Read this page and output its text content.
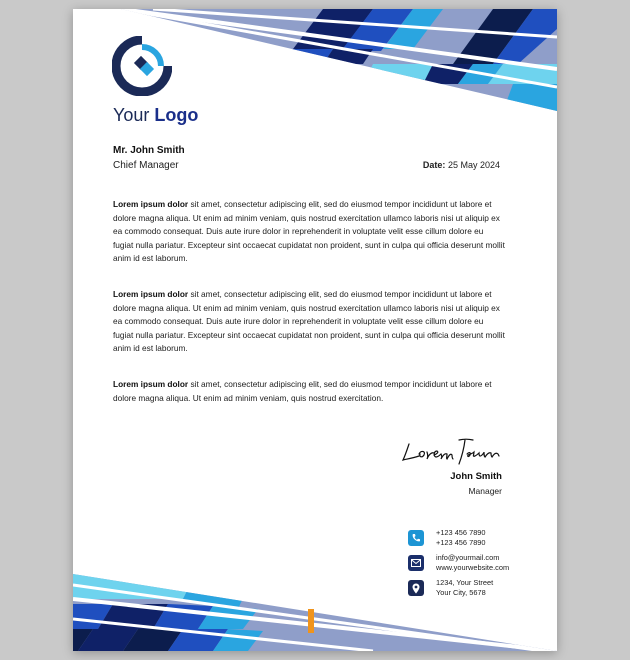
Your Logo
Mr. John Smith
Chief Manager	Date: 25 May 2024

Lorem ipsum dolor sit amet, consectetur adipiscing elit, sed do eiusmod tempor incididunt ut labore et dolore magna aliqua. Ut enim ad minim veniam, quis nostrud exercitation ullamco laboris nisi ut aliquip ex ea commodo consequat. Duis aute irure dolor in reprehenderit in voluptate velit esse cillum dolore eu fugiat nulla pariatur. Excepteur sint occaecat cupidatat non proident, sunt in culpa qui officia deserunt mollit anim id est laborum.

Lorem ipsum dolor sit amet, consectetur adipiscing elit, sed do eiusmod tempor incididunt ut labore et dolore magna aliqua. Ut enim ad minim veniam, quis nostrud exercitation ullamco laboris nisi ut aliquip ex ea commodo consequat. Duis aute irure dolor in reprehenderit in voluptate velit esse cillum dolore eu fugiat nulla pariatur. Excepteur sint occaecat cupidatat non proident, sunt in culpa qui officia deserunt mollit anim id est laborum.

Lorem ipsum dolor sit amet, consectetur adipiscing elit, sed do eiusmod tempor incididunt ut labore et dolore magna aliqua. Ut enim ad minim veniam, quis nostrud exercitation.

John Smith
Manager
+123 456 7890
+123 456 7890
info@yourmail.com
www.yourwebsite.com
1234, Your Street
Your City, 5678
